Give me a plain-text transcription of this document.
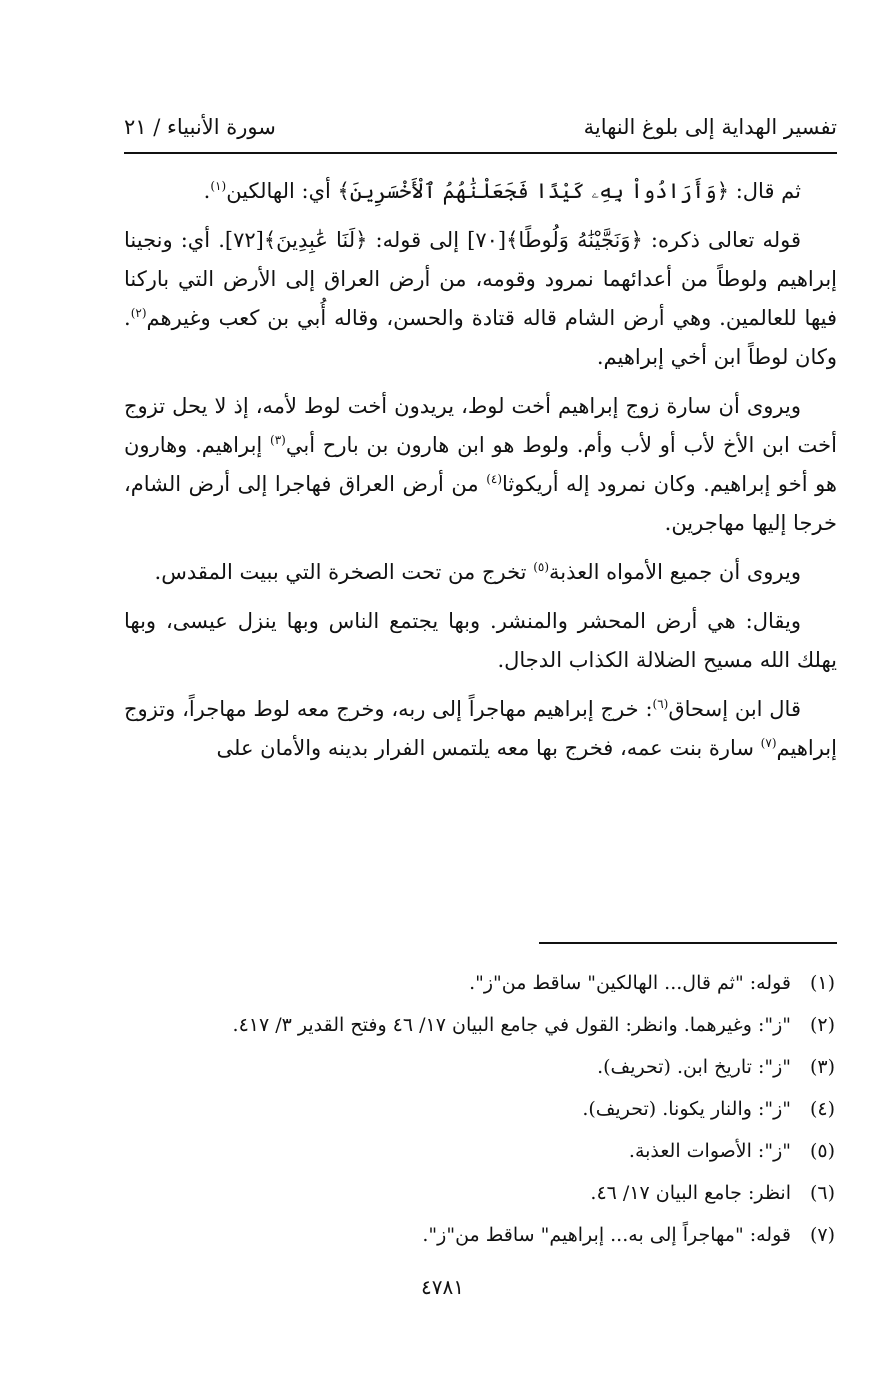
تفسير الهداية إلى بلوغ النهاية
سورة الأنبياء / ٢١

ثم قال: ﴿وَأَرَادُواْ بِهِۦ كَيْدًا فَجَعَلْنَٰهُمُ ٱلْأَخْسَرِينَ﴾ أي: الهالكين$^{(١)}$.

قوله تعالى ذكره: ﴿وَنَجَّيْنَٰهُ وَلُوطًا﴾[٧٠] إلى قوله: ﴿لَنَا عَٰبِدِينَ﴾[٧٢]. أي: ونجينا إبراهيم ولوطاً من أعدائهما نمرود وقومه، من أرض العراق إلى الأرض التي باركنا فيها للعالمين. وهي أرض الشام قاله قتادة والحسن، وقاله أُبي بن كعب وغيرهم$^{(٢)}$. وكان لوطاً ابن أخي إبراهيم.

ويروى أن سارة زوج إبراهيم أخت لوط، يريدون أخت لوط لأمه، إذ لا يحل تزوج أخت ابن الأخ لأب أو لأب وأم. ولوط هو ابن هارون بن بارح أبي$^{(٣)}$ إبراهيم. وهارون هو أخو إبراهيم. وكان نمرود إله أريكوثا$^{(٤)}$ من أرض العراق فهاجرا إلى أرض الشام، خرجا إليها مهاجرين.

ويروى أن جميع الأمواه العذبة$^{(٥)}$ تخرج من تحت الصخرة التي ببيت المقدس.

ويقال: هي أرض المحشر والمنشر. وبها يجتمع الناس وبها ينزل عيسى، وبها يهلك الله مسيح الضلالة الكذاب الدجال.

قال ابن إسحاق$^{(٦)}$: خرج إبراهيم مهاجراً إلى ربه، وخرج معه لوط مهاجراً، وتزوج إبراهيم$^{(٧)}$ سارة بنت عمه، فخرج بها معه يلتمس الفرار بدينه والأمان على

(١)
قوله: "ثم قال... الهالكين" ساقط من"ز".
(٢)
"ز": وغيرهما. وانظر: القول في جامع البيان ١٧/ ٤٦ وفتح القدير ٣/ ٤١٧.
(٣)
"ز": تاريخ ابن. (تحريف).
(٤)
"ز": والنار يكونا. (تحريف).
(٥)
"ز": الأصوات العذبة.
(٦)
انظر: جامع البيان ١٧/ ٤٦.
(٧)
قوله: "مهاجراً إلى به... إبراهيم" ساقط من"ز".
٤٧٨١
